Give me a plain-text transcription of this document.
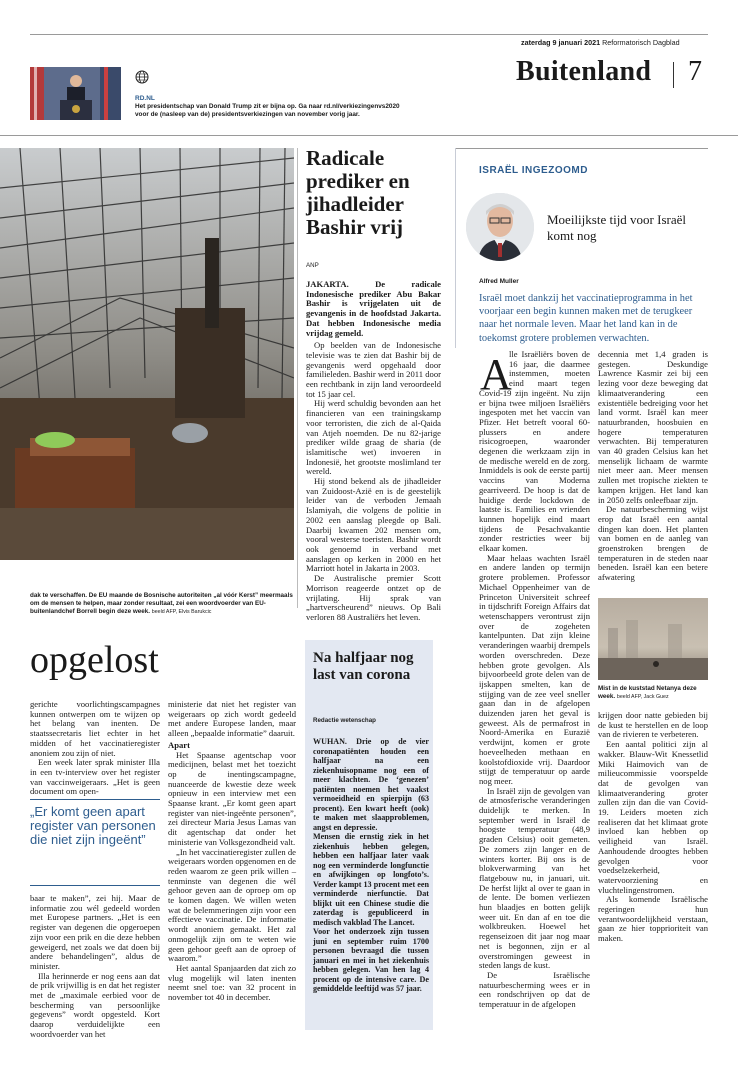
zaterdag 9 januari 2021 Reformatorisch Dagblad
Buitenland 7
RD.NL
Het presidentschap van Donald Trump zit er bijna op. Ga naar rd.nl/verkiezingenvs2020 voor de (nasleep van de) presidentsverkiezingen van november vorig jaar.
dak te verschaffen. De EU maande de Bosnische autoriteiten „al vóór Kerst” meermaals om de mensen te helpen, maar zonder resultaat, zei een woordvoerder van EU-buitenlandchef Borrell begin deze week. beeld AFP, Elvis Barukcic
Radicale prediker en jihadleider Bashir vrij
ANP

JAKARTA. De radicale Indonesische prediker Abu Bakar Bashir is vrijgelaten uit de gevangenis in de hoofdstad Jakarta. Dat hebben Indonesische media vrijdag gemeld.

Op beelden van de Indonesische televisie was te zien dat Bashir bij de gevangenis werd opgehaald door familieleden. Bashir werd in 2011 door een rechtbank in zijn land veroordeeld tot 15 jaar cel.

Hij werd schuldig bevonden aan het financieren van een trainingskamp voor terroristen, die zich de al-Qaida van Atjeh noemden. De nu 82-jarige prediker wilde graag de sharia (de islamitische wet) invoeren in Indonesië, het grootste moslimland ter wereld.

Hij stond bekend als de jihadleider van Zuidoost-Azië en is de geestelijk leider van de verboden Jemaah Islamiyah, die volgens de politie in 2002 een aanslag pleegde op Bali. Daarbij kwamen 202 mensen om, vooral westerse toeristen. Bashir wordt ook genoemd in verband met aanslagen op kerken in 2000 en het Marriott hotel in Jakarta in 2003.

De Australische premier Scott Morrison reageerde ontzet op de vrijlating. Hij sprak van „hartverscheurend” nieuws. Op Bali verloren 88 Australiërs het leven.

opgelost

gerichte voorlichtingscampagnes kunnen ontwerpen om te wijzen op het belang van inenten. De staatssecretaris liet echter in het midden of het vaccinatieregister anoniem zou zijn of niet.

Een week later sprak minister Illa in een tv-interview over het register van vaccinweigeraars. „Het is geen document om open-

„Er komt geen apart register van personen die niet zijn ingeënt”

baar te maken”, zei hij. Maar de informatie zou wél gedeeld worden met Europese partners. „Het is een register van degenen die opgeroepen zijn voor een prik en die deze hebben geweigerd, net zoals we dat doen bij andere behandelingen”, aldus de minister.

Illa herinnerde er nog eens aan dat de prik vrijwillig is en dat het register met de „maximale eerbied voor de bescherming van persoonlijke gegevens” wordt opgesteld. Kort daarop verduidelijkte een woordvoerder van het

ministerie dat niet het register van weigeraars op zich wordt gedeeld met andere Europese landen, maar alleen „bepaalde informatie” daaruit.

Apart

Het Spaanse agentschap voor medicijnen, belast met het toezicht op de inentingscampagne, nuanceerde de kwestie deze week opnieuw in een interview met een Spaanse krant. „Er komt geen apart register van niet-ingeënte personen”, zei directeur Maria Jesus Lamas van dit agentschap dat onder het ministerie van Volksgezondheid valt.

„In het vaccinatieregister zullen de weigeraars worden opgenomen en de reden waarom ze geen prik willen – tenminste van degenen die wél gehoor geven aan de oproep om op te komen dagen. We willen weten wat de belemmeringen zijn voor een effectieve vaccinatie. De informatie wordt anoniem gemaakt. Het zal onmogelijk zijn om te weten wie geen gehoor geeft aan de oproep of waarom.”

Het aantal Spanjaarden dat zich zo vlug mogelijk wil laten inenten neemt snel toe: van 32 procent in november tot 40 in december.

Na halfjaar nog last van corona
Redactie wetenschap

WUHAN. Drie op de vier coronapatiënten houden een halfjaar na een ziekenhuisopname nog een of meer klachten. De ‘genezen’ patiënten noemen het vaakst vermoeidheid en spierpijn (63 procent). Een kwart heeft (ook) te maken met slaapproblemen, angst en depressie.

Mensen die ernstig ziek in het ziekenhuis hebben gelegen, hebben een halfjaar later vaak nog een verminderde longfunctie en afwijkingen op longfoto’s. Verder kampt 13 procent met een verminderde nierfunctie. Dat blijkt uit een Chinese studie die zaterdag is gepubliceerd in medisch vakblad The Lancet.

Voor het onderzoek zijn tussen juni en september ruim 1700 personen bevraagd die tussen januari en mei in het ziekenhuis hebben gelegen. Van hen lag 4 procent op de intensive care. De gemiddelde leeftijd was 57 jaar.

ISRAËL INGEZOOMD
Moeilijkste tijd voor Israël komt nog
Alfred Muller
Israël moet dankzij het vaccinatieprogramma in het voorjaar een begin kunnen maken met de terugkeer naar het normale leven. Maar het land kan in de toekomst grotere problemen verwachten.
A

lle Israëliërs boven de 16 jaar, die daarmee instemmen, moeten eind maart tegen Covid-19 zijn ingeënt. Nu zijn er bijna twee miljoen Israëliërs ingespoten met het vaccin van Pfizer. Het betreft vooral 60-plussers en andere risicogroepen, waaronder degenen die werkzaam zijn in de medische wereld en de zorg. Inmiddels is ook de eerste partij vaccins van Moderna gearriveerd. De hoop is dat de huidige derde lockdown de laatste is. Families en vrienden kunnen hopelijk eind maart tijdens de Pesachvakantie zonder restricties weer bij elkaar komen.

Maar helaas wachten Israël en andere landen op termijn grotere problemen. Professor Michael Oppenheimer van de Princeton Universiteit schreef in tijdschrift Foreign Affairs dat wetenschappers verontrust zijn over de zogeheten kantelpunten. Dat zijn kleine veranderingen waarbij drempels worden overschreden. Deze hebben grote gevolgen. Als bijvoorbeeld grote delen van de ijskappen smelten, kan de stijging van de zee veel sneller gaan dan in de afgelopen duizenden jaren het geval is geweest. Als de permafrost in Noord-Amerika en Eurazië verdwijnt, komen er grote hoeveelheden methaan en koolstofdioxide vrij. Daardoor stijgt de temperatuur op aarde nog meer.

In Israël zijn de gevolgen van de atmosferische veranderingen duidelijk te merken. In september werd in Israël de hoogste temperatuur (48,9 graden Celsius) ooit gemeten. De zomers zijn langer en de winters korter. Bij ons is de blokverwarming van het flatgebouw nu, in januari, uit. De herfst lijkt al over te gaan in de lente. De bomen verliezen hun blaadjes en botten gelijk weer uit. En dan af en toe die wolkbreuken. Hoewel het regenseizoen dit jaar nog maar net is begonnen, zijn er al overstromingen geweest in steden langs de kust.

De Israëlische natuurbescherming wees er in een rondschrijven op dat de temperatuur in de afgelopen

decennia met 1,4 graden is gestegen. Deskundige Lawrence Kasmir zei bij een lezing voor deze beweging dat klimaatverandering een existentiële bedreiging voor het land vormt. Israël kan meer natuurbranden, hoosbuien en hogere temperaturen verwachten. Bij temperaturen van 40 graden Celsius kan het menselijk lichaam de warmte niet meer aan. Meer mensen zullen met tropische ziekten te kampen krijgen. Het land kan in 2050 zelfs onleefbaar zijn.

De natuurbescherming wijst erop dat Israël een aantal dingen kan doen. Het planten van bomen en de aanleg van groenstroken brengen de temperaturen in de steden naar beneden. Israël kan een betere afwatering

Mist in de kuststad Netanya deze week. beeld AFP, Jack Guez

krijgen door natte gebieden bij de kust te herstellen en de loop van de rivieren te verbeteren.

Een aantal politici zijn al wakker. Blauw-Wit Knessetlid Miki Haimovich van de milieucommissie voorspelde dat de gevolgen van klimaatverandering groter zullen zijn dan die van Covid-19. Leiders moeten zich realiseren dat het klimaat grote invloed kan hebben op veiligheid van Israël. Aanhoudende droogtes hebben gevolgen voor voedselzekerheid, watervoorziening en vluchtelingenstromen.

Als komende Israëlische regeringen hun verantwoordelijkheid verstaan, gaan ze hier topprioriteit van maken.
